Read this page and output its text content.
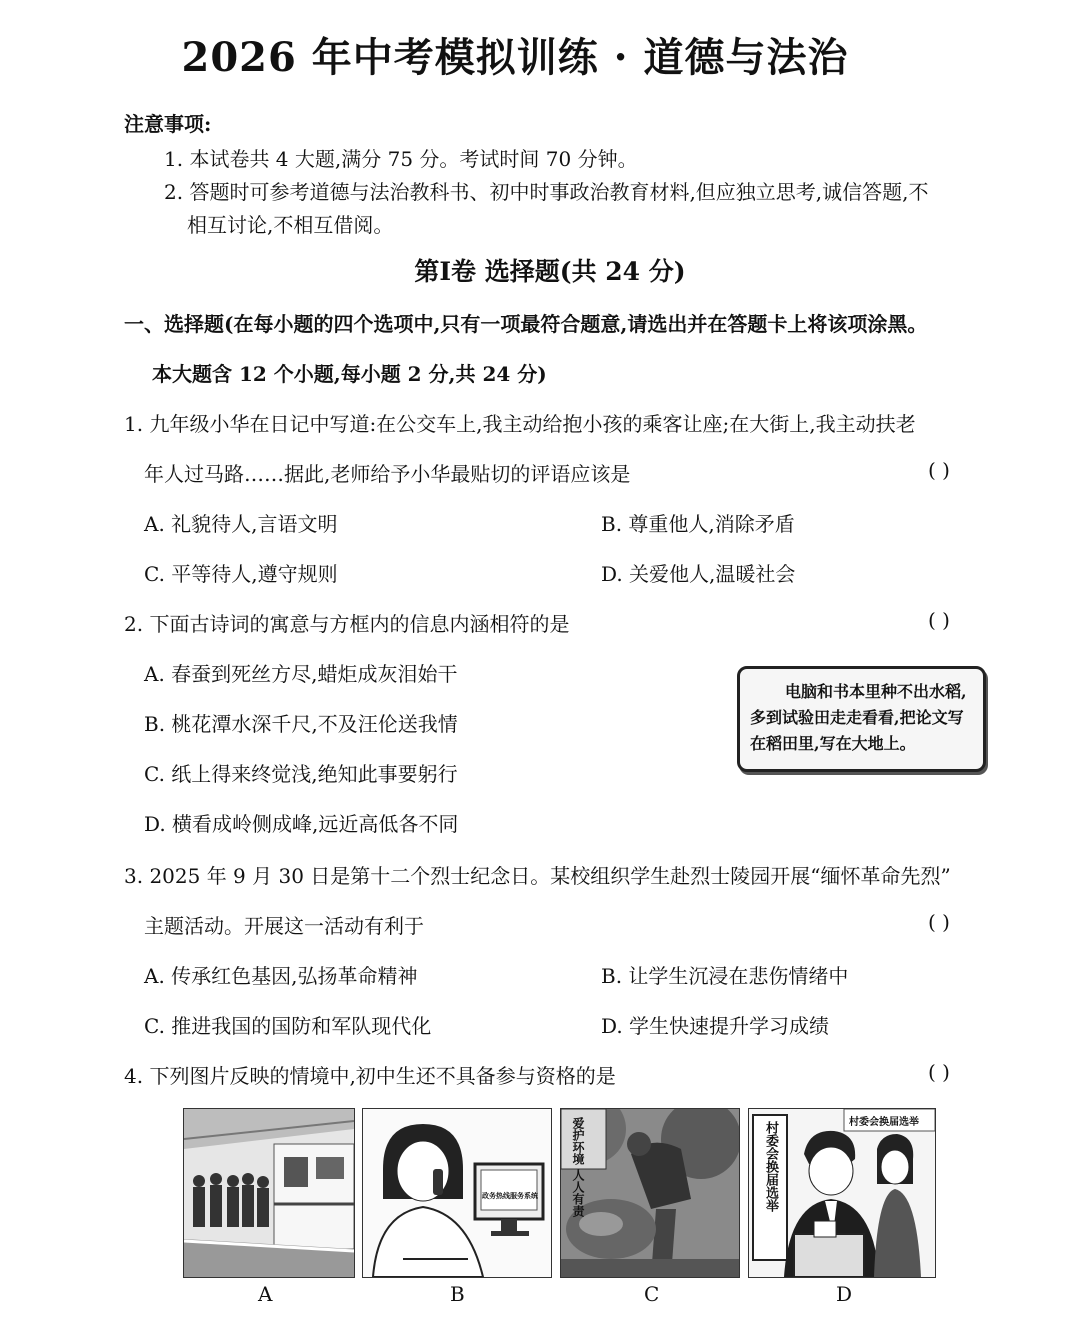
2026 年中考模拟训练 · 道德与法治
注意事项:
1. 本试卷共 4 大题,满分 75 分。考试时间 70 分钟。
2. 答题时可参考道德与法治教科书、初中时事政治教育材料,但应独立思考,诚信答题,不
相互讨论,不相互借阅。
第Ⅰ卷 选择题(共 24 分)
一、选择题(在每小题的四个选项中,只有一项最符合题意,请选出并在答题卡上将该项涂黑。
本大题含 12 个小题,每小题 2 分,共 24 分)
1. 九年级小华在日记中写道:在公交车上,我主动给抱小孩的乘客让座;在大街上,我主动扶老
年人过马路……据此,老师给予小华最贴切的评语应该是	( )
A. 礼貌待人,言语文明	B. 尊重他人,消除矛盾
C. 平等待人,遵守规则	D. 关爱他人,温暖社会
2. 下面古诗词的寓意与方框内的信息内涵相符的是	( )
A. 春蚕到死丝方尽,蜡炬成灰泪始干
B. 桃花潭水深千尺,不及汪伦送我情
C. 纸上得来终觉浅,绝知此事要躬行
D. 横看成岭侧成峰,远近高低各不同
电脑和书本里种不出水稻,
多到试验田走走看看,把论文写
在稻田里,写在大地上。
3. 2025 年 9 月 30 日是第十二个烈士纪念日。某校组织学生赴烈士陵园开展“缅怀革命先烈”
主题活动。开展这一活动有利于	( )
A. 传承红色基因,弘扬革命精神	B. 让学生沉浸在悲伤情绪中
C. 推进我国的国防和军队现代化	D. 学生快速提升学习成绩
4. 下列图片反映的情境中,初中生还不具备参与资格的是	( )
政务热线服务系统	爱护环境 人人有责	村委会换届选举	村委会换届选举
A	B	C	D
